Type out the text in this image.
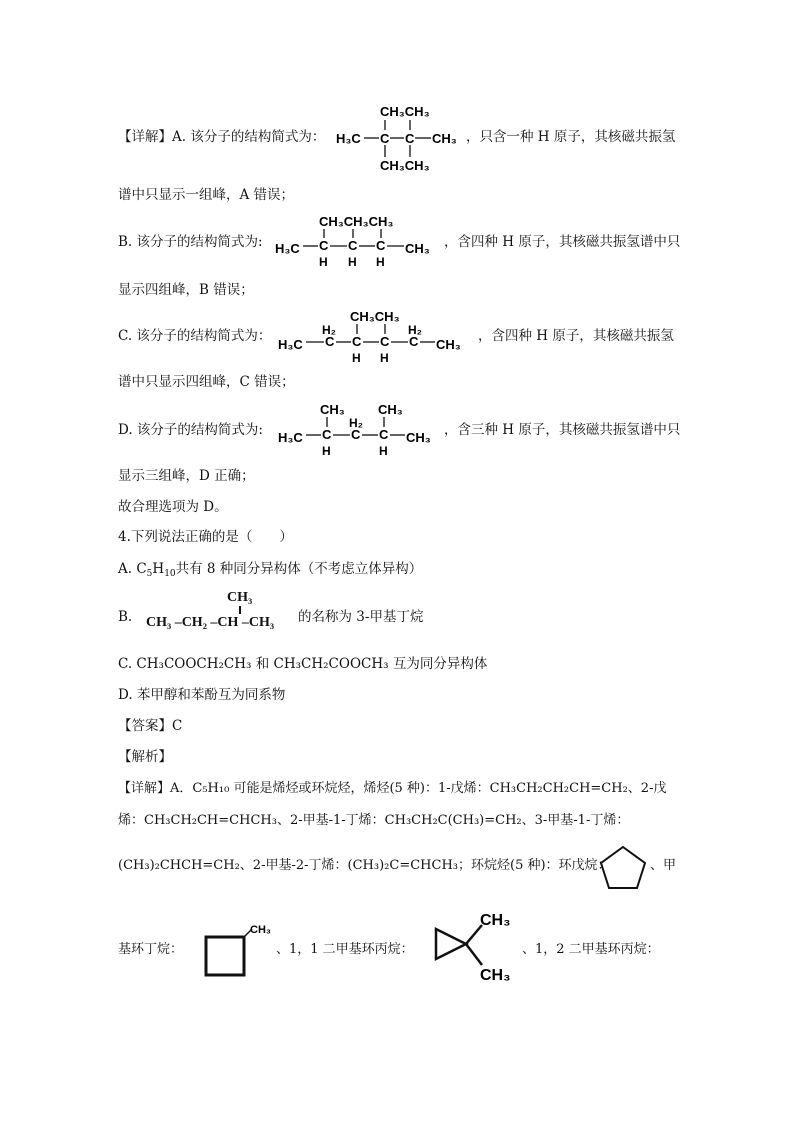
【详解】A. 该分子的结构简式为：
CH₃CH₃
H₃C C C CH₃
CH₃CH₃
，只含一种 H 原子，其核磁共振氢
谱中只显示一组峰，A 错误；
B. 该分子的结构简式为:
CH₃CH₃CH₃
H₃C C C C CH₃
H H H
，含四种 H 原子，其核磁共振氢谱中只
显示四组峰，B 错误；
C. 该分子的结构简式为：
CH₃CH₃
H₂	H₂
H₃C C C C C CH₃
H H
，含四种 H 原子，其核磁共振氢
谱中只显示四组峰，C 错误；
D. 该分子的结构简式为:
CH₃	CH₃
H₂
H₃C C C C CH₃
H	H
，含三种 H 原子，其核磁共振氢谱中只
显示三组峰，D 正确；
故合理选项为 D。
4.下列说法正确的是（　　）
A. $C_5H_{10}$共有 8 种同分异构体（不考虑立体异构）
B.
CH₃
CH₃ –CH₂ –CH –CH₃ 的名称为 3-甲基丁烷
C. CH₃COOCH₂CH₃ 和 CH₃CH₂COOCH₃ 互为同分异构体
D. 苯甲醇和苯酚互为同系物
【答案】C
【解析】
【详解】A．C₅H₁₀ 可能是烯烃或环烷烃，烯烃(5 种)：1-戊烯：CH₃CH₂CH₂CH=CH₂、2-戊
烯：CH₃CH₂CH=CHCH₃、2-甲基-1-丁烯：CH₃CH₂C(CH₃)=CH₂、3-甲基-1-丁烯：
(CH₃)₂CHCH=CH₂、2-甲基-2-丁烯：(CH₃)₂C=CHCH₃；环烷烃(5 种)：环戊烷：	、甲
基环丁烷：
CH₃
、1，1 二甲基环丙烷：
CH₃
CH₃
、1，2 二甲基环丙烷：
